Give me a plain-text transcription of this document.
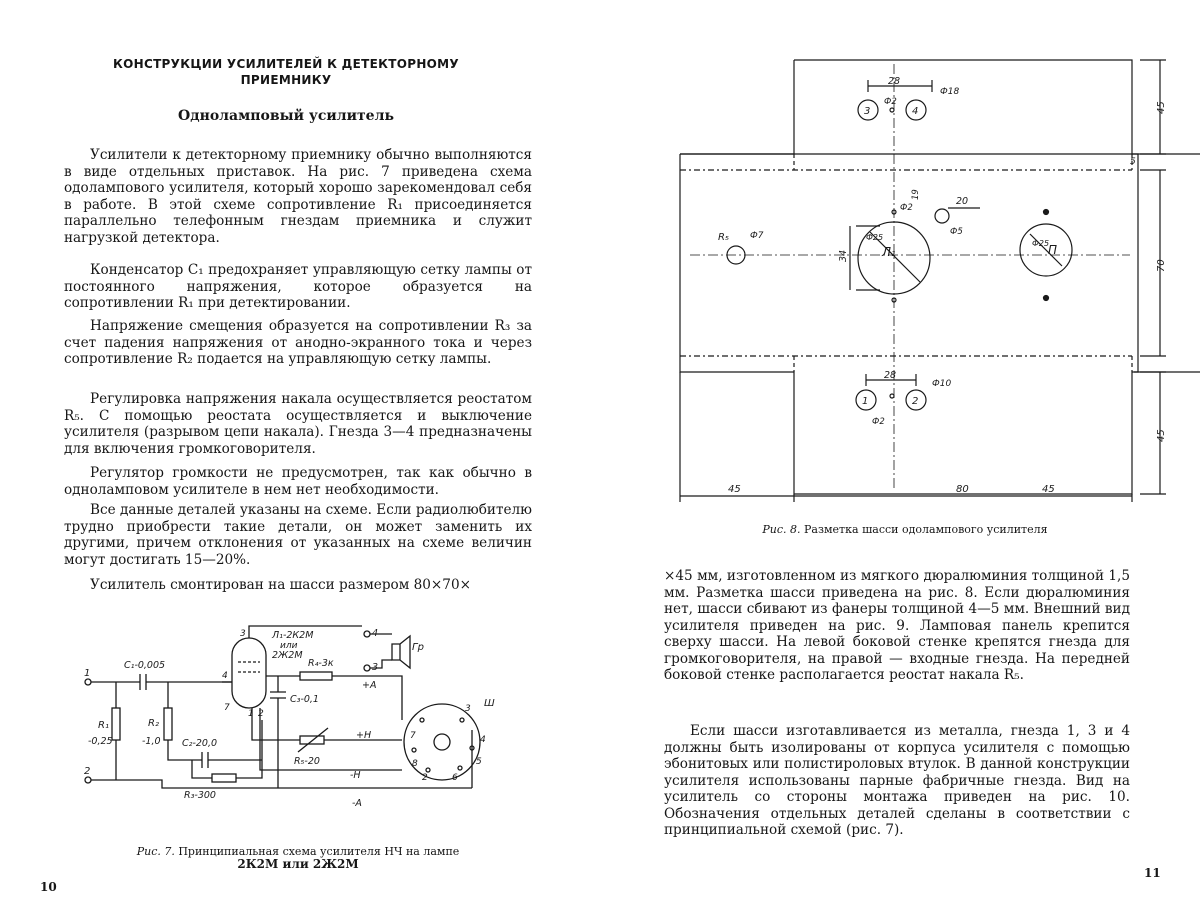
КОНСТРУКЦИИ УСИЛИТЕЛЕЙ К ДЕТЕКТОРНОМУ ПРИЕМНИКУ
Одноламповый усилитель

Усилители к детекторному приемнику обычно выполняются в виде отдельных приставок. На рис. 7 приведена схема одолампового усилителя, который хорошо зарекомендовал себя в работе. В этой схеме сопротивление R₁ присоединяется параллельно телефонным гнездам приемника и служит нагрузкой детектора.

Конденсатор C₁ предохраняет управляющую сетку лампы от постоянного напряжения, которое образуется на сопротивлении R₁ при детектировании.

Напряжение смещения образуется на сопротивлении R₃ за счет падения напряжения от анодно-экранного тока и через сопротивление R₂ подается на управляющую сетку лампы.

Регулировка напряжения накала осуществляется реостатом R₅. С помощью реостата осуществляется и выключение усилителя (разрывом цепи накала). Гнезда 3—4 предназначены для включения громкоговорителя.

Регулятор громкости не предусмотрен, так как обычно в одноламповом усилителе в нем нет необходимости.

Все данные деталей указаны на схеме. Если радиолюбителю трудно приобрести такие детали, он может заменить их другими, причем отклонения от указанных на схеме величин могут достигать 15—20%.

Усилитель смонтирован на шасси размером 80×70×

1
2
C₁-0,005
R₁
-0,25
R₂
-1,0 C₂-20,0
R₃-300
3
4
7
1 2
Л₁-2К2М
или
2Ж2М
R₄-3к
C₃-0,1
4
3
+А
Гр
R₅-20
+Н
-Н
-А
Ш
3
4
5
6
7
8
2
Рис. 7. Принципиальная схема усилителя НЧ на лампе
2К2М или 2Ж2М
10
45
5
70
45
45	80	45
28
Ф18
3	4
Ф2
R₅ Ф7
Л₁
Ф25
Ф2
34
20
19
Ф5
П
Ф25
28
Ф10
1	2
Ф2
Рис. 8. Разметка шасси одолампового усилителя

×45 мм, изготовленном из мягкого дюралюминия толщиной 1,5 мм. Разметка шасси приведена на рис. 8. Если дюралюминия нет, шасси сбивают из фанеры толщиной 4—5 мм. Внешний вид усилителя приведен на рис. 9. Ламповая панель крепится сверху шасси. На левой боковой стенке крепятся гнезда для громкоговорителя, на правой — входные гнезда. На передней боковой стенке располагается реостат накала R₅.

Если шасси изготавливается из металла, гнезда 1, 3 и 4 должны быть изолированы от корпуса усилителя с помощью эбонитовых или полистироловых втулок. В данной конструкции усилителя использованы парные фабричные гнезда. Вид на усилитель со стороны монтажа приведен на рис. 10. Обозначения отдельных деталей сделаны в соответствии с принципиальной схемой (рис. 7).

11
